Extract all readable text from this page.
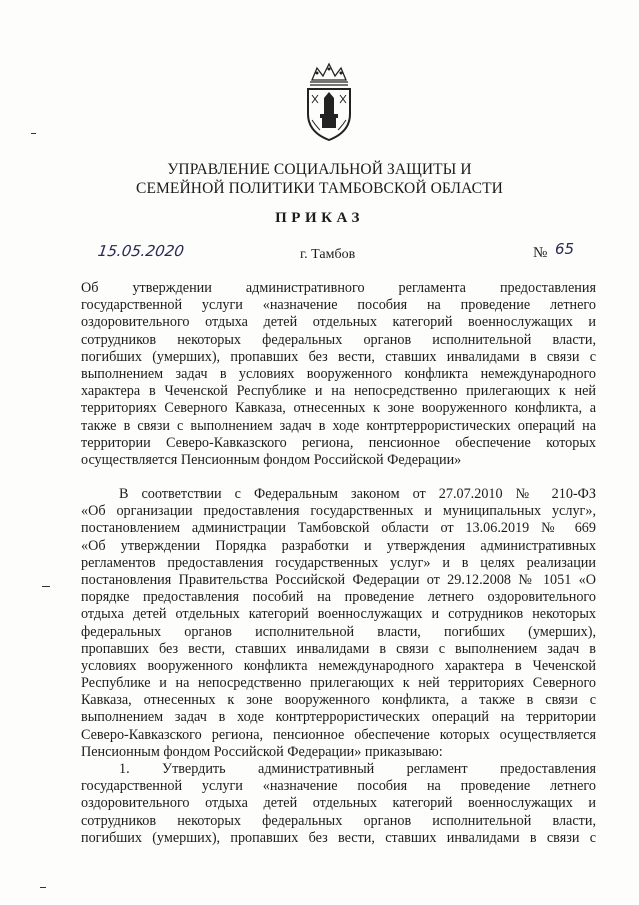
УПРАВЛЕНИЕ СОЦИАЛЬНОЙ ЗАЩИТЫ И
СЕМЕЙНОЙ ПОЛИТИКИ ТАМБОВСКОЙ ОБЛАСТИ
ПРИКАЗ
15.05.2020	г. Тамбов	№ 65
Об утверждении административного регламента предоставления
государственной услуги «назначение пособия на проведение летнего
оздоровительного отдыха детей отдельных категорий военнослужащих и
сотрудников некоторых федеральных органов исполнительной власти,
погибших (умерших), пропавших без вести, ставших инвалидами в связи с
выполнением задач в условиях вооруженного конфликта немеждународного
характера в Чеченской Республике и на непосредственно прилегающих к ней
территориях Северного Кавказа, отнесенных к зоне вооруженного конфликта, а
также в связи с выполнением задач в ходе контртеррористических операций на
территории Северо-Кавказского региона, пенсионное обеспечение которых
осуществляется Пенсионным фондом Российской Федерации»
В соответствии с Федеральным законом от 27.07.2010 № 210-ФЗ
«Об организации предоставления государственных и муниципальных услуг»,
постановлением администрации Тамбовской области от 13.06.2019 № 669
«Об утверждении Порядка разработки и утверждения административных
регламентов предоставления государственных услуг» и в целях реализации
постановления Правительства Российской Федерации от 29.12.2008 № 1051 «О
порядке предоставления пособий на проведение летнего оздоровительного
отдыха детей отдельных категорий военнослужащих и сотрудников некоторых
федеральных органов исполнительной власти, погибших (умерших),
пропавших без вести, ставших инвалидами в связи с выполнением задач в
условиях вооруженного конфликта немеждународного характера в Чеченской
Республике и на непосредственно прилегающих к ней территориях Северного
Кавказа, отнесенных к зоне вооруженного конфликта, а также в связи с
выполнением задач в ходе контртеррористических операций на территории
Северо-Кавказского региона, пенсионное обеспечение которых осуществляется
Пенсионным фондом Российской Федерации» приказываю:
1. Утвердить административный регламент предоставления
государственной услуги «назначение пособия на проведение летнего
оздоровительного отдыха детей отдельных категорий военнослужащих и
сотрудников некоторых федеральных органов исполнительной власти,
погибших (умерших), пропавших без вести, ставших инвалидами в связи с
